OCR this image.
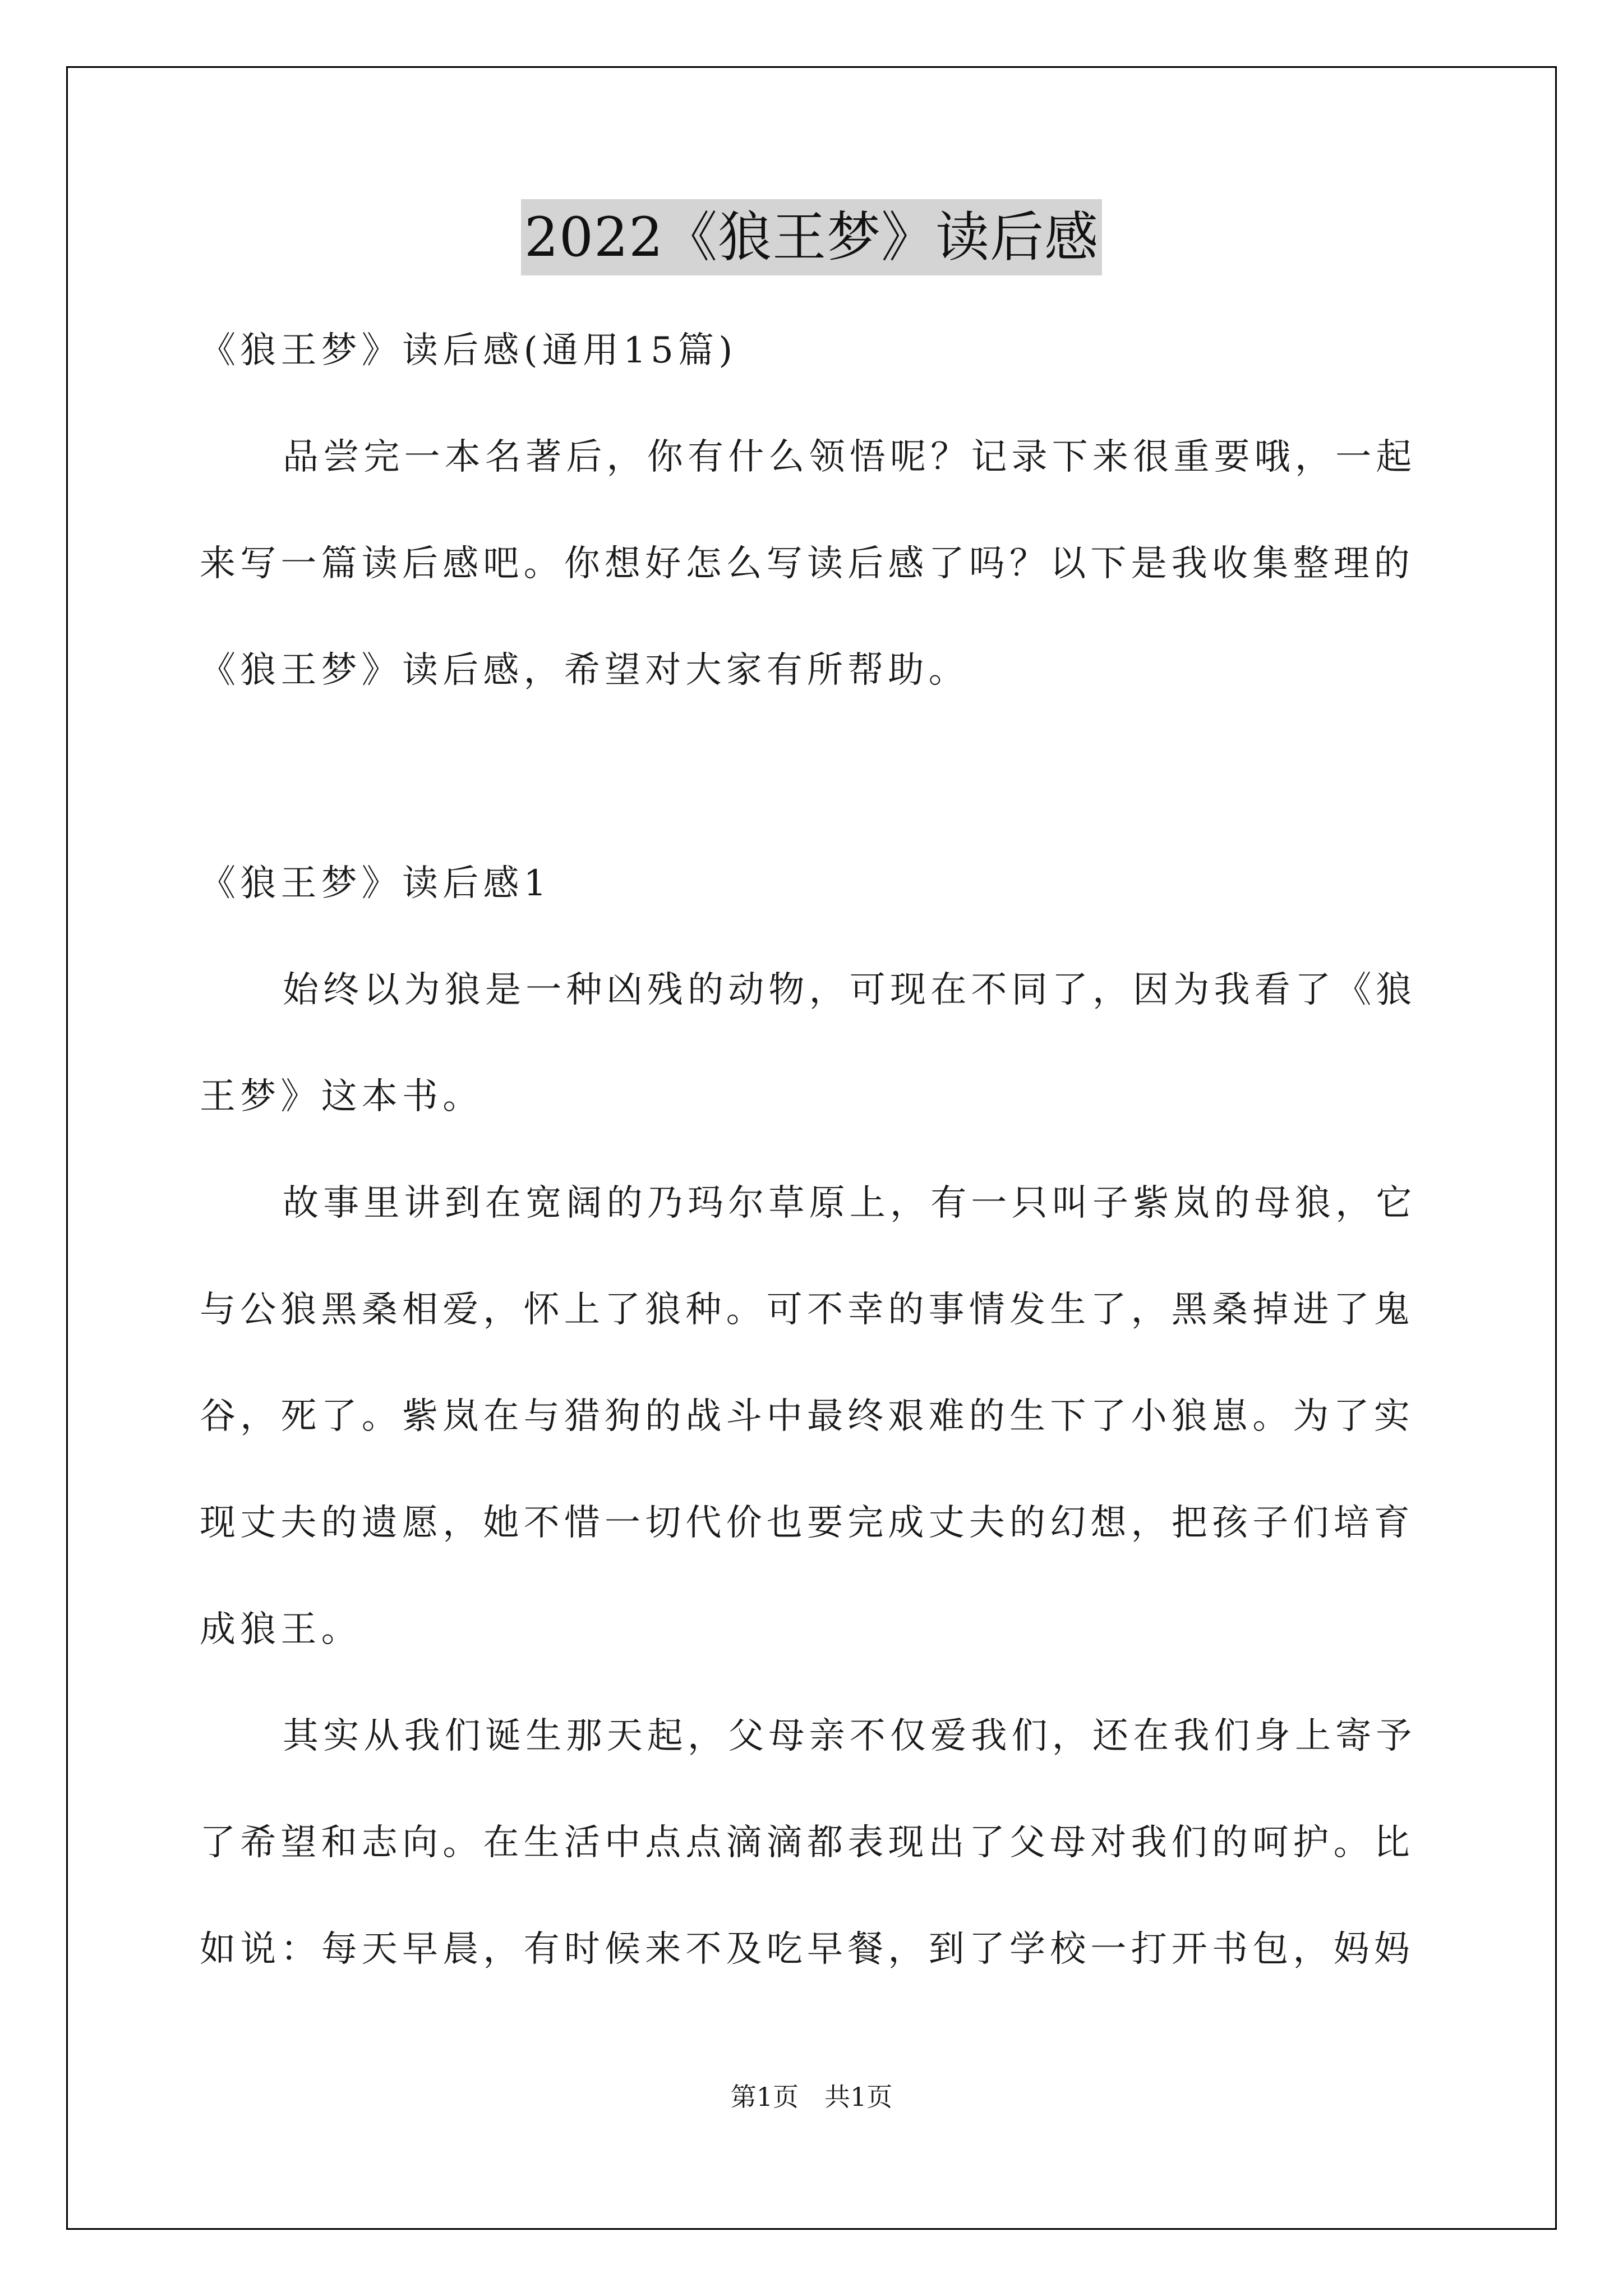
2022《狼王梦》读后感
《狼王梦》读后感(通用15篇)
品尝完一本名著后，你有什么领悟呢？记录下来很重要哦，一起
来写一篇读后感吧。你想好怎么写读后感了吗？以下是我收集整理的
《狼王梦》读后感，希望对大家有所帮助。
《狼王梦》读后感1
始终以为狼是一种凶残的动物，可现在不同了，因为我看了《狼
王梦》这本书。
故事里讲到在宽阔的乃玛尔草原上，有一只叫子紫岚的母狼，它
与公狼黑桑相爱，怀上了狼种。可不幸的事情发生了，黑桑掉进了鬼
谷，死了。紫岚在与猎狗的战斗中最终艰难的生下了小狼崽。为了实
现丈夫的遗愿，她不惜一切代价也要完成丈夫的幻想，把孩子们培育
成狼王。
其实从我们诞生那天起，父母亲不仅爱我们，还在我们身上寄予
了希望和志向。在生活中点点滴滴都表现出了父母对我们的呵护。比
如说：每天早晨，有时候来不及吃早餐，到了学校一打开书包，妈妈
第1页 共1页
